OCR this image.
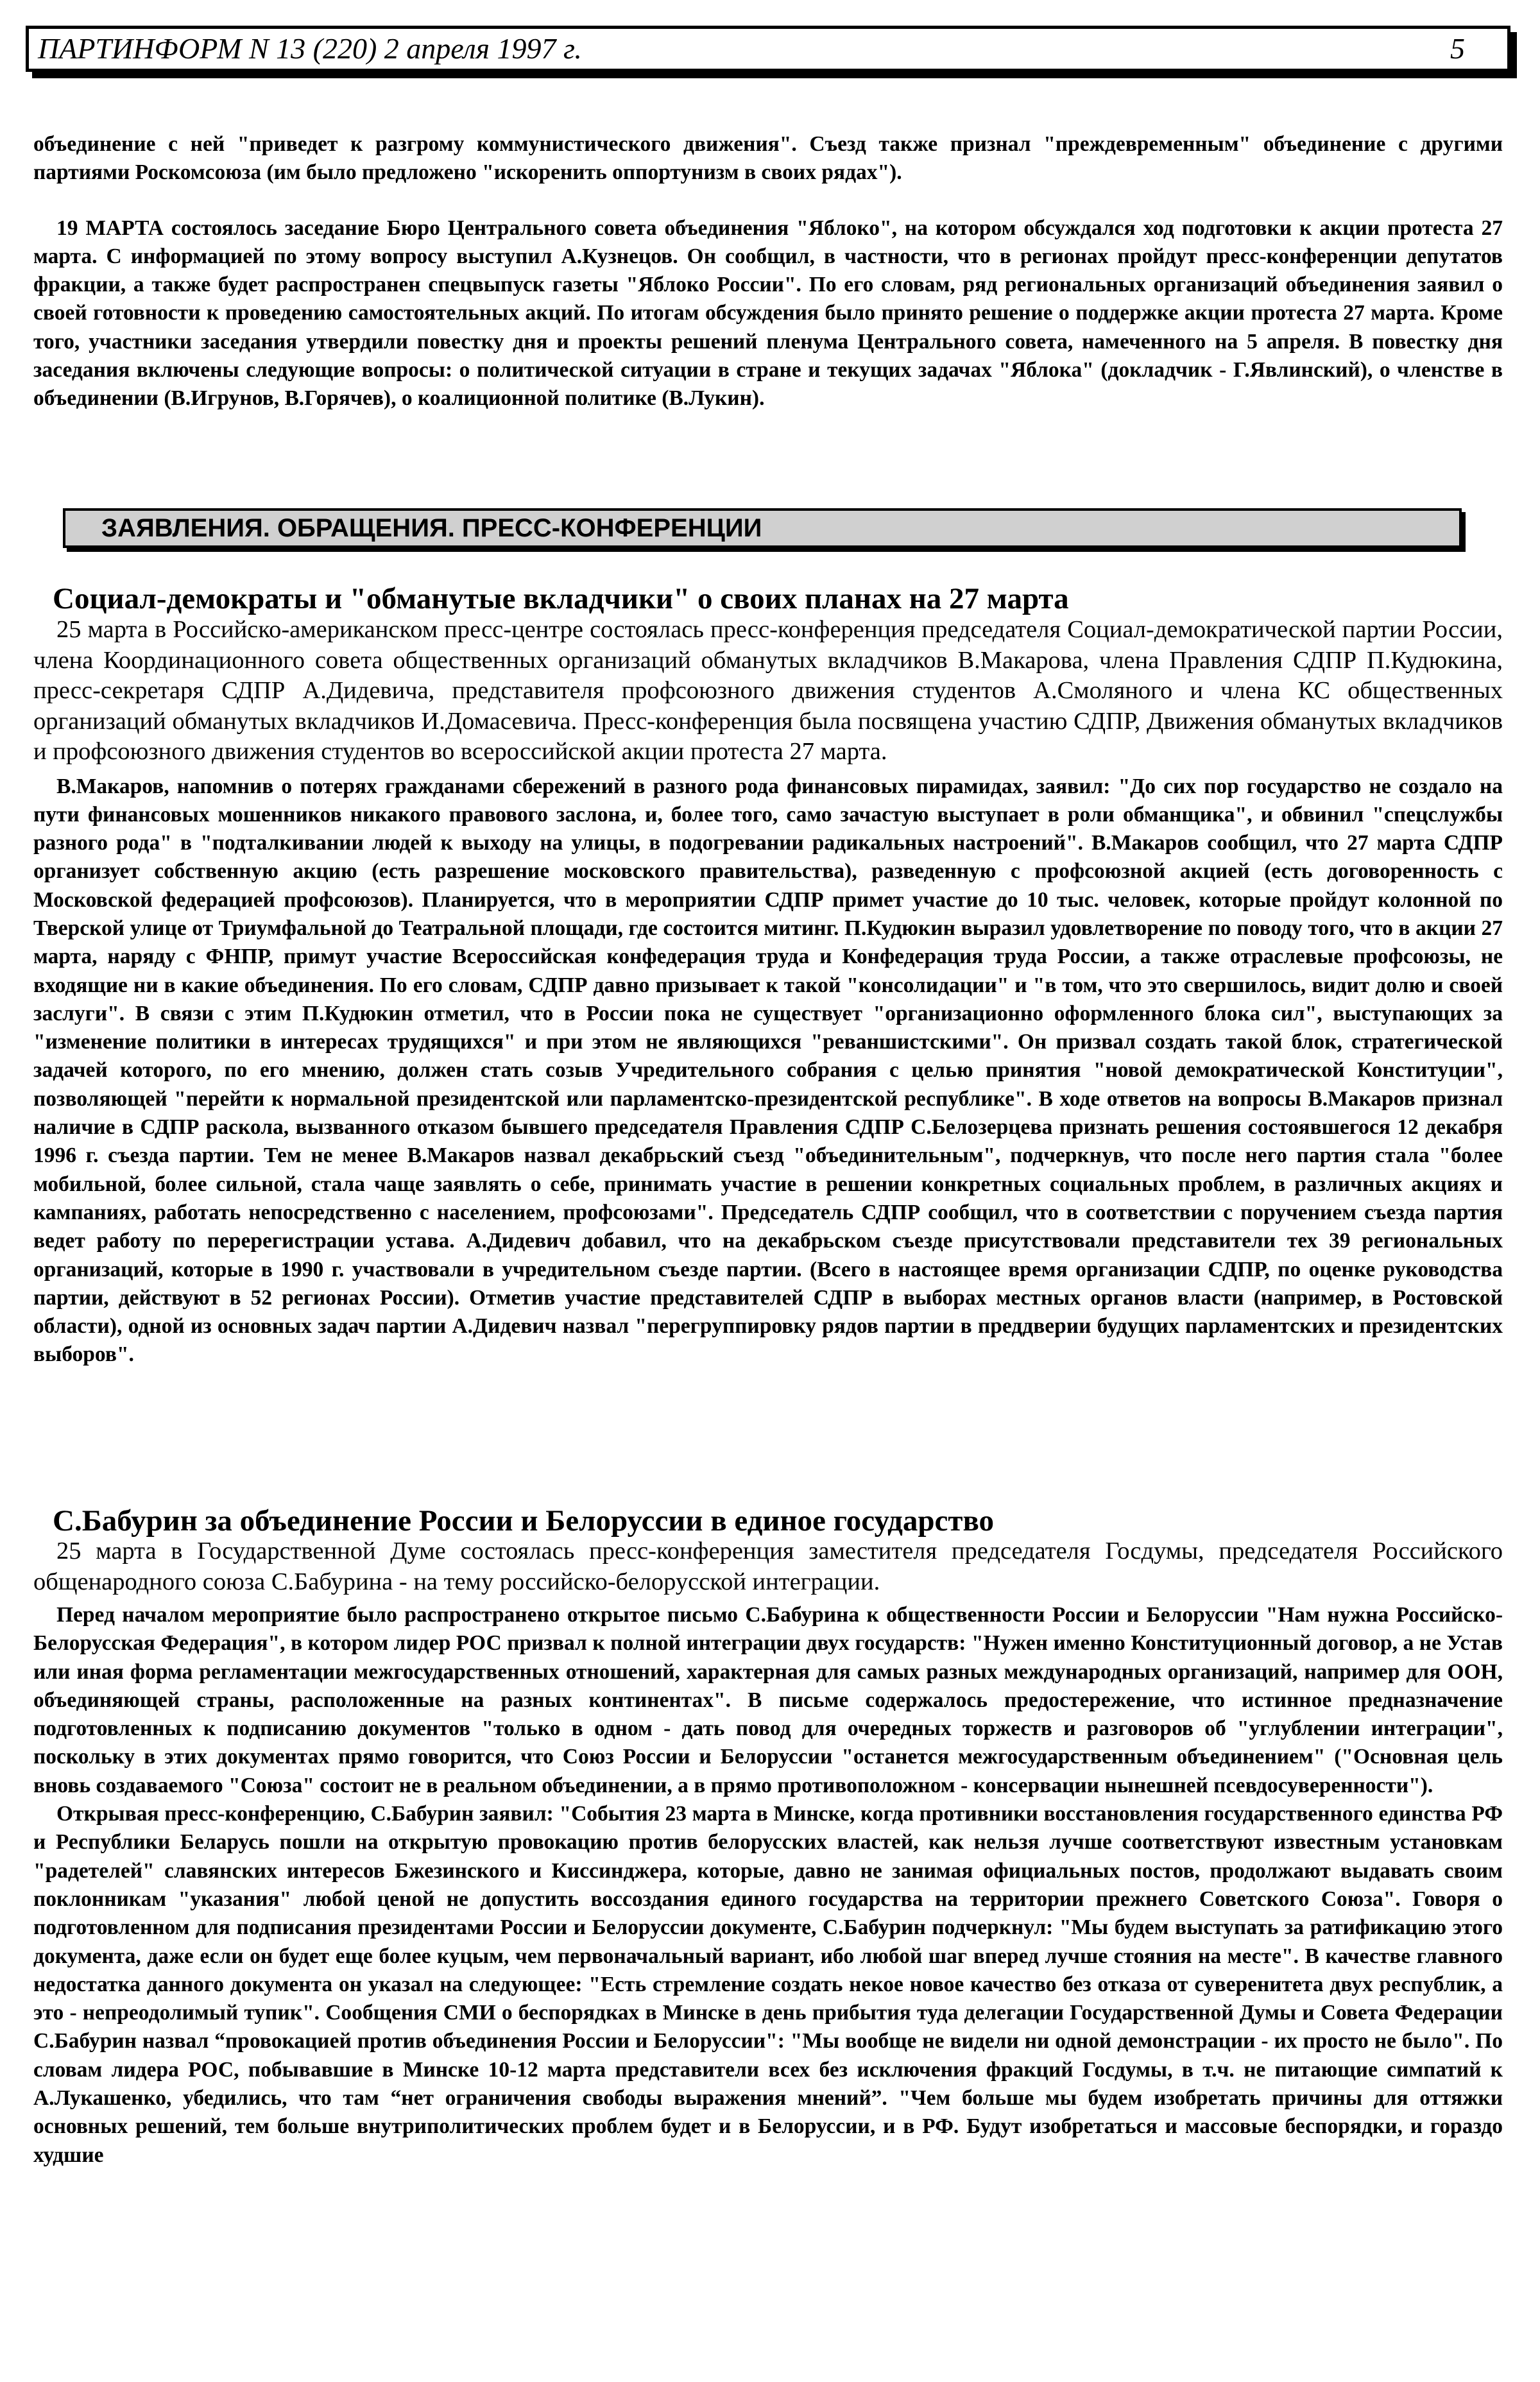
ПАРТИНФОРМ N 13 (220) 2 апреля 1997 г.	5

объединение с ней "приведет к разгрому коммунистического движения". Съезд также признал "преждевременным" объединение с другими партиями Роскомсоюза (им было предложено "искоренить оппортунизм в своих рядах").

19 МАРТА состоялось заседание Бюро Центрального совета объединения "Яблоко", на котором обсуждался ход подготовки к акции протеста 27 марта. С информацией по этому вопросу выступил А.Кузнецов. Он сообщил, в частности, что в регионах пройдут пресс-конференции депутатов фракции, а также будет распространен спецвыпуск газеты "Яблоко России". По его словам, ряд региональных организаций объединения заявил о своей готовности к проведению самостоятельных акций. По итогам обсуждения было принято решение о поддержке акции протеста 27 марта. Кроме того, участники заседания утвердили повестку дня и проекты решений пленума Центрального совета, намеченного на 5 апреля. В повестку дня заседания включены следующие вопросы: о политической ситуации в стране и текущих задачах "Яблока" (докладчик - Г.Явлинский), о членстве в объединении (В.Игрунов, В.Горячев), о коалиционной политике (В.Лукин).

ЗАЯВЛЕНИЯ. ОБРАЩЕНИЯ. ПРЕСС-КОНФЕРЕНЦИИ
Социал-демократы и "обманутые вкладчики" о своих планах на 27 марта

25 марта в Российско-американском пресс-центре состоялась пресс-конференция председателя Социал-демократической партии России, члена Координационного совета общественных организаций обманутых вкладчиков В.Макарова, члена Правления СДПР П.Кудюкина, пресс-секретаря СДПР А.Дидевича, представителя профсоюзного движения студентов А.Смоляного и члена КС общественных организаций обманутых вкладчиков И.Домасевича. Пресс-конференция была посвящена участию СДПР, Движения обманутых вкладчиков и профсоюзного движения студентов во всероссийской акции протеста 27 марта.

В.Макаров, напомнив о потерях гражданами сбережений в разного рода финансовых пирамидах, заявил: "До сих пор государство не создало на пути финансовых мошенников никакого правового заслона, и, более того, само зачастую выступает в роли обманщика", и обвинил "спецслужбы разного рода" в "подталкивании людей к выходу на улицы, в подогревании радикальных настроений". В.Макаров сообщил, что 27 марта СДПР организует собственную акцию (есть разрешение московского правительства), разведенную с профсоюзной акцией (есть договоренность с Московской федерацией профсоюзов). Планируется, что в мероприятии СДПР примет участие до 10 тыс. человек, которые пройдут колонной по Тверской улице от Триумфальной до Театральной площади, где состоится митинг. П.Кудюкин выразил удовлетворение по поводу того, что в акции 27 марта, наряду с ФНПР, примут участие Всероссийская конфедерация труда и Конфедерация труда России, а также отраслевые профсоюзы, не входящие ни в какие объединения. По его словам, СДПР давно призывает к такой "консолидации" и "в том, что это свершилось, видит долю и своей заслуги". В связи с этим П.Кудюкин отметил, что в России пока не существует "организационно оформленного блока сил", выступающих за "изменение политики в интересах трудящихся" и при этом не являющихся "реваншистскими". Он призвал создать такой блок, стратегической задачей которого, по его мнению, должен стать созыв Учредительного собрания с целью принятия "новой демократической Конституции", позволяющей "перейти к нормальной президентской или парламентско-президентской республике". В ходе ответов на вопросы В.Макаров признал наличие в СДПР раскола, вызванного отказом бывшего председателя Правления СДПР С.Белозерцева признать решения состоявшегося 12 декабря 1996 г. съезда партии. Тем не менее В.Макаров назвал декабрьский съезд "объединительным", подчеркнув, что после него партия стала "более мобильной, более сильной, стала чаще заявлять о себе, принимать участие в решении конкретных социальных проблем, в различных акциях и кампаниях, работать непосредственно с населением, профсоюзами". Председатель СДПР сообщил, что в соответствии с поручением съезда партия ведет работу по перерегистрации устава. А.Дидевич добавил, что на декабрьском съезде присутствовали представители тех 39 региональных организаций, которые в 1990 г. участвовали в учредительном съезде партии. (Всего в настоящее время организации СДПР, по оценке руководства партии, действуют в 52 регионах России). Отметив участие представителей СДПР в выборах местных органов власти (например, в Ростовской области), одной из основных задач партии А.Дидевич назвал "перегруппировку рядов партии в преддверии будущих парламентских и президентских выборов".

С.Бабурин за объединение России и Белоруссии в единое государство

25 марта в Государственной Думе состоялась пресс-конференция заместителя председателя Госдумы, председателя Российского общенародного союза С.Бабурина - на тему российско-белорусской интеграции.

Перед началом мероприятие было распространено открытое письмо С.Бабурина к общественности России и Белоруссии "Нам нужна Российско-Белорусская Федерация", в котором лидер РОС призвал к полной интеграции двух государств: "Нужен именно Конституционный договор, а не Устав или иная форма регламентации межгосударственных отношений, характерная для самых разных международных организаций, например для ООН, объединяющей страны, расположенные на разных континентах". В письме содержалось предостережение, что истинное предназначение подготовленных к подписанию документов "только в одном - дать повод для очередных торжеств и разговоров об "углублении интеграции", поскольку в этих документах прямо говорится, что Союз России и Белоруссии "останется межгосударственным объединением" ("Основная цель вновь создаваемого "Союза" состоит не в реальном объединении, а в прямо противоположном - консервации нынешней псевдосуверенности").

Открывая пресс-конференцию, С.Бабурин заявил: "События 23 марта в Минске, когда противники восстановления государственного единства РФ и Республики Беларусь пошли на открытую провокацию против белорусских властей, как нельзя лучше соответствуют известным установкам "радетелей" славянских интересов Бжезинского и Киссинджера, которые, давно не занимая официальных постов, продолжают выдавать своим поклонникам "указания" любой ценой не допустить воссоздания единого государства на территории прежнего Советского Союза". Говоря о подготовленном для подписания президентами России и Белоруссии документе, С.Бабурин подчеркнул: "Мы будем выступать за ратификацию этого документа, даже если он будет еще более куцым, чем первоначальный вариант, ибо любой шаг вперед лучше стояния на месте". В качестве главного недостатка данного документа он указал на следующее: "Есть стремление создать некое новое качество без отказа от суверенитета двух республик, а это - непреодолимый тупик". Сообщения СМИ о беспорядках в Минске в день прибытия туда делегации Государственной Думы и Совета Федерации С.Бабурин назвал “провокацией против объединения России и Белоруссии": "Мы вообще не видели ни одной демонстрации - их просто не было". По словам лидера РОС, побывавшие в Минске 10-12 марта представители всех без исключения фракций Госдумы, в т.ч. не питающие симпатий к А.Лукашенко, убедились, что там “нет ограничения свободы выражения мнений”. "Чем больше мы будем изобретать причины для оттяжки основных решений, тем больше внутриполитических проблем будет и в Белоруссии, и в РФ. Будут изобретаться и массовые беспорядки, и гораздо худшие
